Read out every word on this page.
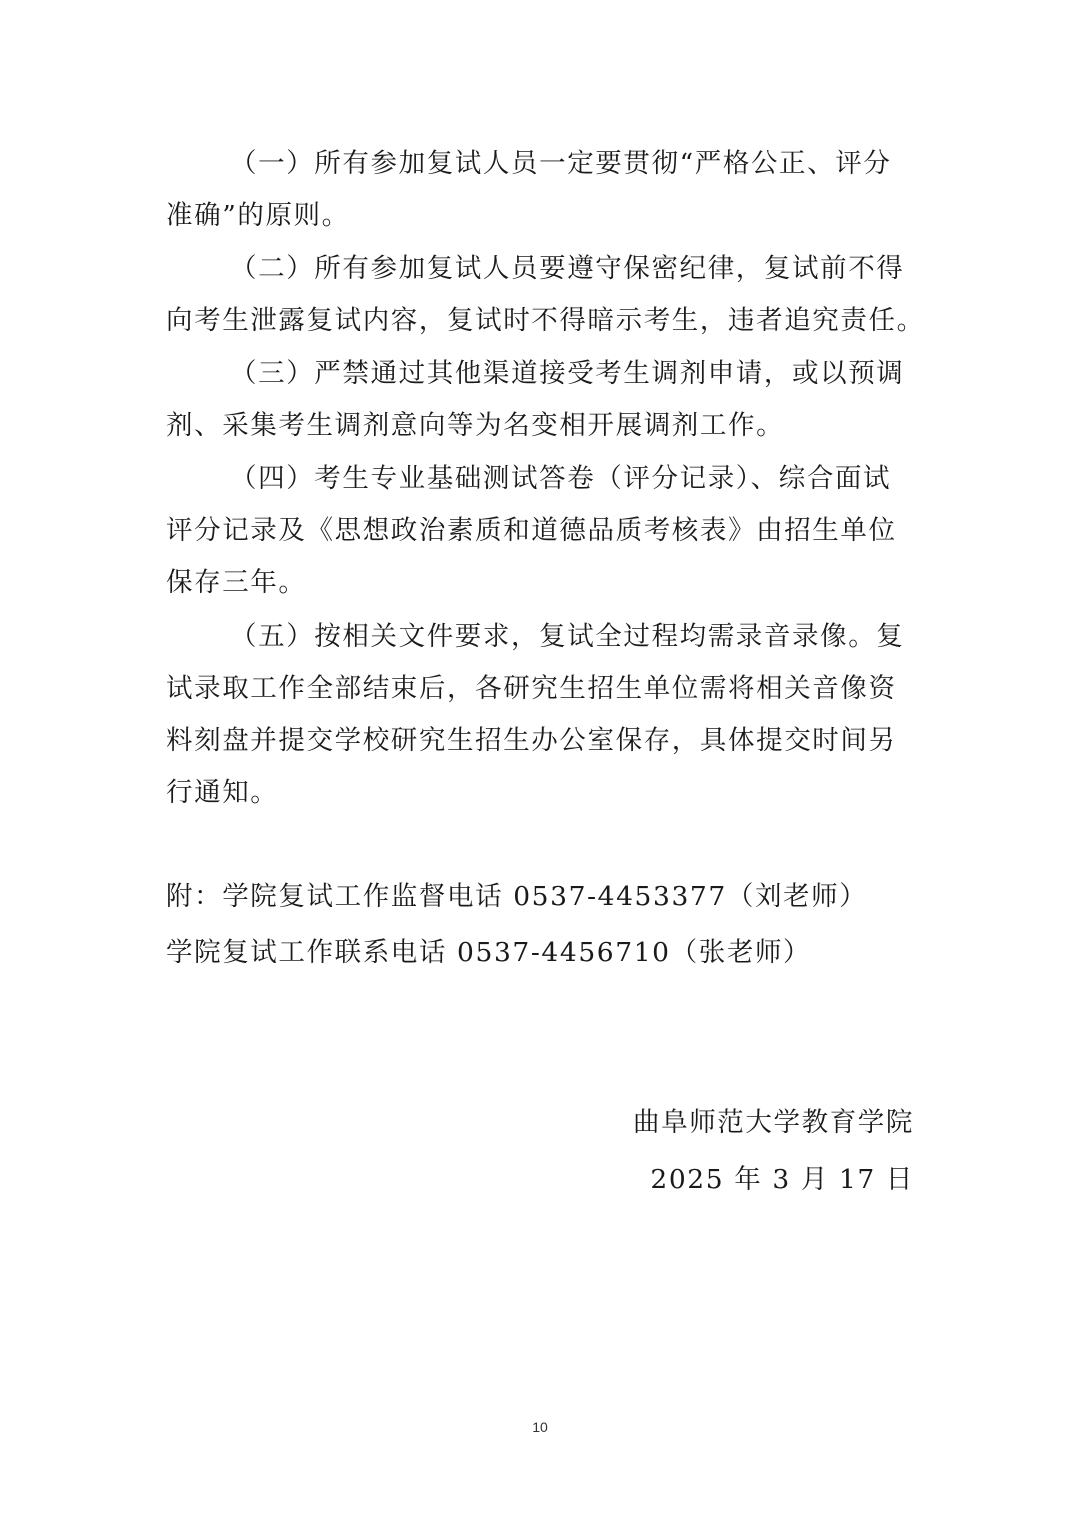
（一）所有参加复试人员一定要贯彻“严格公正、评分
准确”的原则。
（二）所有参加复试人员要遵守保密纪律，复试前不得
向考生泄露复试内容，复试时不得暗示考生，违者追究责任。
（三）严禁通过其他渠道接受考生调剂申请，或以预调
剂、采集考生调剂意向等为名变相开展调剂工作。
（四）考生专业基础测试答卷（评分记录）、综合面试
评分记录及《思想政治素质和道德品质考核表》由招生单位
保存三年。
（五）按相关文件要求，复试全过程均需录音录像。复
试录取工作全部结束后，各研究生招生单位需将相关音像资
料刻盘并提交学校研究生招生办公室保存，具体提交时间另
行通知。
附：学院复试工作监督电话 0537-4453377（刘老师）
学院复试工作联系电话 0537-4456710（张老师）
曲阜师范大学教育学院
2025 年 3 月 17 日
10
